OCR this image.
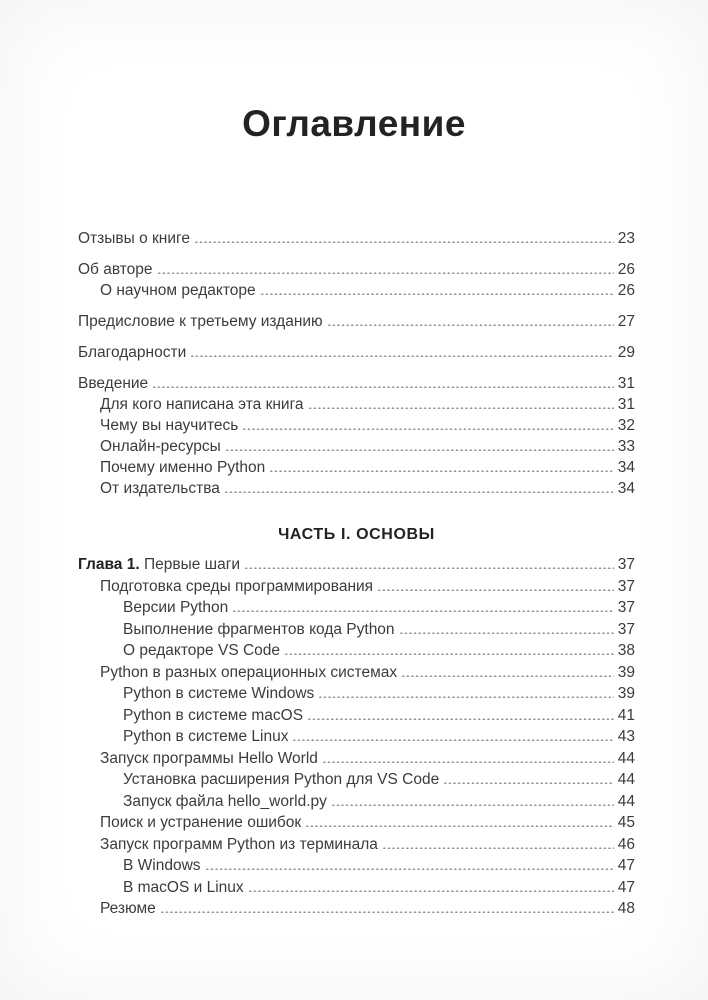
Оглавление
Отзывы о книге	23
Об авторе	26
О научном редакторе	26
Предисловие к третьему изданию	27
Благодарности	29
Введение	31
Для кого написана эта книга	31
Чему вы научитесь	32
Онлайн-ресурсы	33
Почему именно Python	34
От издательства	34
ЧАСТЬ I. ОСНОВЫ
Глава 1. Первые шаги	37
Подготовка среды программирования	37
Версии Python	37
Выполнение фрагментов кода Python	37
О редакторе VS Code	38
Python в разных операционных системах	39
Python в системе Windows	39
Python в системе macOS	41
Python в системе Linux	43
Запуск программы Hello World	44
Установка расширения Python для VS Code	44
Запуск файла hello_world.py	44
Поиск и устранение ошибок	45
Запуск программ Python из терминала	46
В Windows	47
В macOS и Linux	47
Резюме	48
